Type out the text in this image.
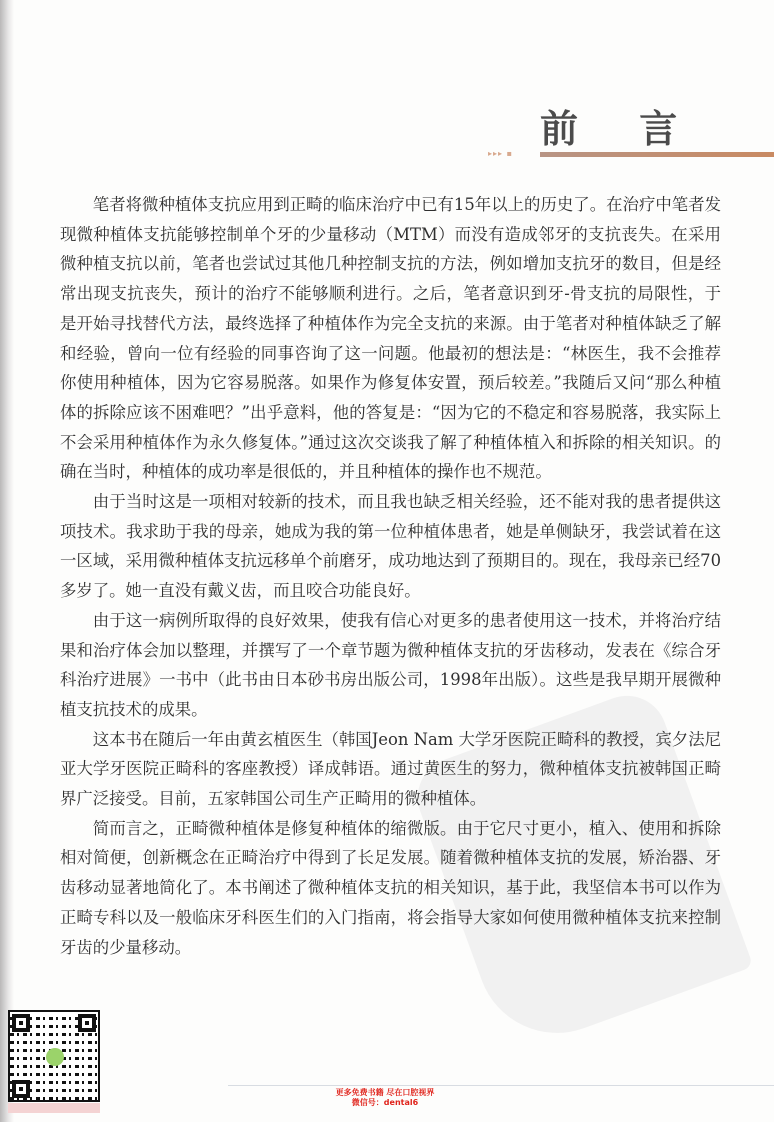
前 言
▸▸▸ ▪

笔者将微种植体支抗应用到正畸的临床治疗中已有15年以上的历史了。在治疗中笔者发现微种植体支抗能够控制单个牙的少量移动（MTM）而没有造成邻牙的支抗丧失。在采用微种植支抗以前，笔者也尝试过其他几种控制支抗的方法，例如增加支抗牙的数目，但是经常出现支抗丧失，预计的治疗不能够顺利进行。之后，笔者意识到牙-骨支抗的局限性，于是开始寻找替代方法，最终选择了种植体作为完全支抗的来源。由于笔者对种植体缺乏了解和经验，曾向一位有经验的同事咨询了这一问题。他最初的想法是：“林医生，我不会推荐你使用种植体，因为它容易脱落。如果作为修复体安置，预后较差。”我随后又问“那么种植体的拆除应该不困难吧？”出乎意料，他的答复是：“因为它的不稳定和容易脱落，我实际上不会采用种植体作为永久修复体。”通过这次交谈我了解了种植体植入和拆除的相关知识。的确在当时，种植体的成功率是很低的，并且种植体的操作也不规范。

由于当时这是一项相对较新的技术，而且我也缺乏相关经验，还不能对我的患者提供这项技术。我求助于我的母亲，她成为我的第一位种植体患者，她是单侧缺牙，我尝试着在这一区域，采用微种植体支抗远移单个前磨牙，成功地达到了预期目的。现在，我母亲已经70多岁了。她一直没有戴义齿，而且咬合功能良好。

由于这一病例所取得的良好效果，使我有信心对更多的患者使用这一技术，并将治疗结果和治疗体会加以整理，并撰写了一个章节题为微种植体支抗的牙齿移动，发表在《综合牙科治疗进展》一书中（此书由日本砂书房出版公司，1998年出版）。这些是我早期开展微种植支抗技术的成果。

这本书在随后一年由黄玄植医生（韩国Jeon Nam 大学牙医院正畸科的教授，宾夕法尼亚大学牙医院正畸科的客座教授）译成韩语。通过黄医生的努力，微种植体支抗被韩国正畸界广泛接受。目前，五家韩国公司生产正畸用的微种植体。

简而言之，正畸微种植体是修复种植体的缩微版。由于它尺寸更小，植入、使用和拆除相对简便，创新概念在正畸治疗中得到了长足发展。随着微种植体支抗的发展，矫治器、牙齿移动显著地简化了。本书阐述了微种植体支抗的相关知识，基于此，我坚信本书可以作为正畸专科以及一般临床牙科医生们的入门指南，将会指导大家如何使用微种植体支抗来控制牙齿的少量移动。

更多免费书籍 尽在口腔视界
微信号：dental6
